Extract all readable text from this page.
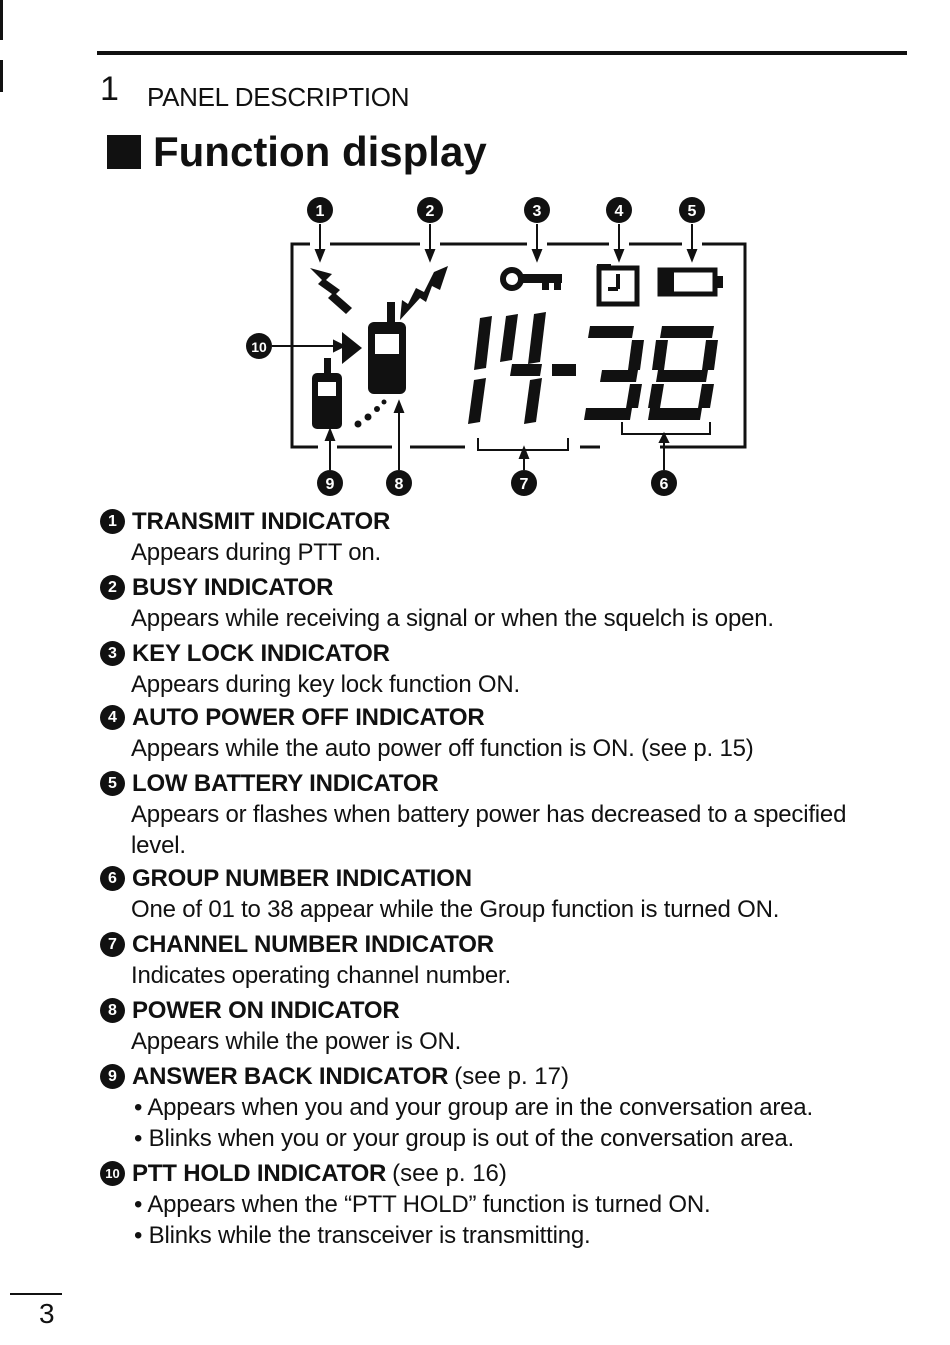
1 PANEL DESCRIPTION
Function display
1	2	3	4	5
10
9	8	7	6
1 TRANSMIT INDICATOR
Appears during PTT on.
2 BUSY INDICATOR
Appears while receiving a signal or when the squelch is open.
3 KEY LOCK INDICATOR
Appears during key lock function ON.
4 AUTO POWER OFF INDICATOR
Appears while the auto power off function is ON. (see p. 15)
5 LOW BATTERY INDICATOR
Appears or flashes when battery power has decreased to a specified
level.
6 GROUP NUMBER INDICATION
One of 01 to 38 appear while the Group function is turned ON.
7 CHANNEL NUMBER INDICATOR
Indicates operating channel number.
8 POWER ON INDICATOR
Appears while the power is ON.
9 ANSWER BACK INDICATOR (see p. 17)
• Appears when you and your group are in the conversation area.
• Blinks when you or your group is out of the conversation area.
10 PTT HOLD INDICATOR (see p. 16)
• Appears when the “PTT HOLD” function is turned ON.
• Blinks while the transceiver is transmitting.
3
